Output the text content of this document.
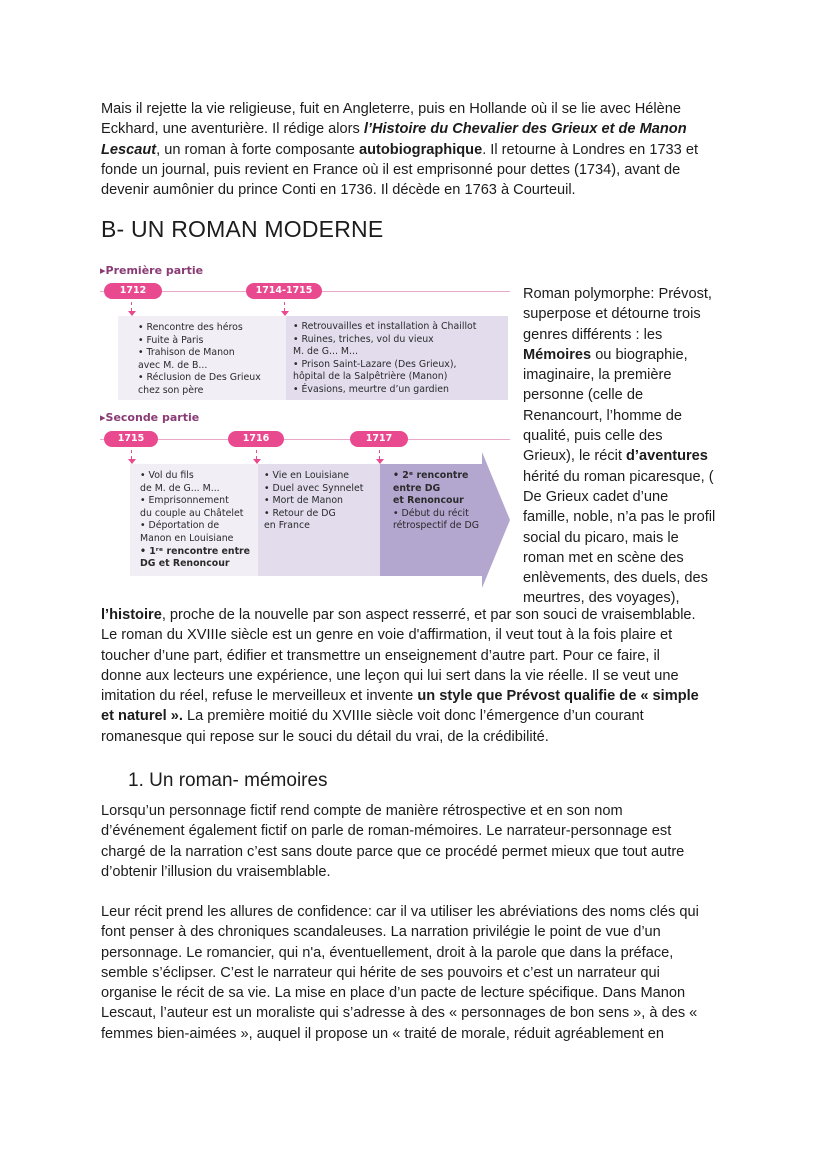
Mais il rejette la vie religieuse, fuit en Angleterre, puis en Hollande où il se lie avec Hélène
Eckhard, une aventurière. Il rédige alors l’Histoire du Chevalier des Grieux et de Manon
Lescaut, un roman à forte composante autobiographique. Il retourne à Londres en 1733 et
fonde un journal, puis revient en France où il est emprisonné pour dettes (1734), avant de
devenir aumônier du prince Conti en 1736. Il décède en 1763 à Courteuil.

B- UN ROMAN MODERNE
▸Première partie
1712	1714-1715
• Rencontre des héros
• Fuite à Paris
• Trahison de Manon
avec M. de B...
• Réclusion de Des Grieux
chez son père
• Retrouvailles et installation à Chaillot
• Ruines, triches, vol du vieux
M. de G... M...
• Prison Saint-Lazare (Des Grieux),
hôpital de la Salpêtrière (Manon)
• Évasions, meurtre d’un gardien
▸Seconde partie
1715	1716	1717
• Vol du fils
de M. de G... M...
• Emprisonnement
du couple au Châtelet
• Déportation de
Manon en Louisiane
• 1ʳᵉ rencontre entre
DG et Renoncour
• Vie en Louisiane
• Duel avec Synnelet
• Mort de Manon
• Retour de DG
en France
• 2ᵉ rencontre
entre DG
et Renoncour
• Début du récit
rétrospectif de DG

Roman polymorphe: Prévost,
superpose et détourne trois
genres différents : les
Mémoires ou biographie,
imaginaire, la première
personne (celle de
Renancourt, l’homme de
qualité, puis celle des
Grieux), le récit d’aventures
hérité du roman picaresque, (
De Grieux cadet d’une
famille, noble, n’a pas le profil
social du picaro, mais le
roman met en scène des
enlèvements, des duels, des
meurtres, des voyages),

l’histoire, proche de la nouvelle par son aspect resserré, et par son souci de vraisemblable.
Le roman du XVIIIe siècle est un genre en voie d'affirmation, il veut tout à la fois plaire et
toucher d’une part, édifier et transmettre un enseignement d’autre part. Pour ce faire, il
donne aux lecteurs une expérience, une leçon qui lui sert dans la vie réelle. Il se veut une
imitation du réel, refuse le merveilleux et invente un style que Prévost qualifie de « simple
et naturel ». La première moitié du XVIIIe siècle voit donc l’émergence d’un courant
romanesque qui repose sur le souci du détail du vrai, de la crédibilité.

1. Un roman- mémoires

Lorsqu’un personnage fictif rend compte de manière rétrospective et en son nom
d’événement également fictif on parle de roman-mémoires. Le narrateur-personnage est
chargé de la narration c’est sans doute parce que ce procédé permet mieux que tout autre
d’obtenir l’illusion du vraisemblable.

Leur récit prend les allures de confidence: car il va utiliser les abréviations des noms clés qui
font penser à des chroniques scandaleuses. La narration privilégie le point de vue d’un
personnage. Le romancier, qui n'a, éventuellement, droit à la parole que dans la préface,
semble s’éclipser. C’est le narrateur qui hérite de ses pouvoirs et c’est un narrateur qui
organise le récit de sa vie. La mise en place d’un pacte de lecture spécifique. Dans Manon
Lescaut, l’auteur est un moraliste qui s’adresse à des « personnages de bon sens », à des «
femmes bien-aimées », auquel il propose un « traité de morale, réduit agréablement en
